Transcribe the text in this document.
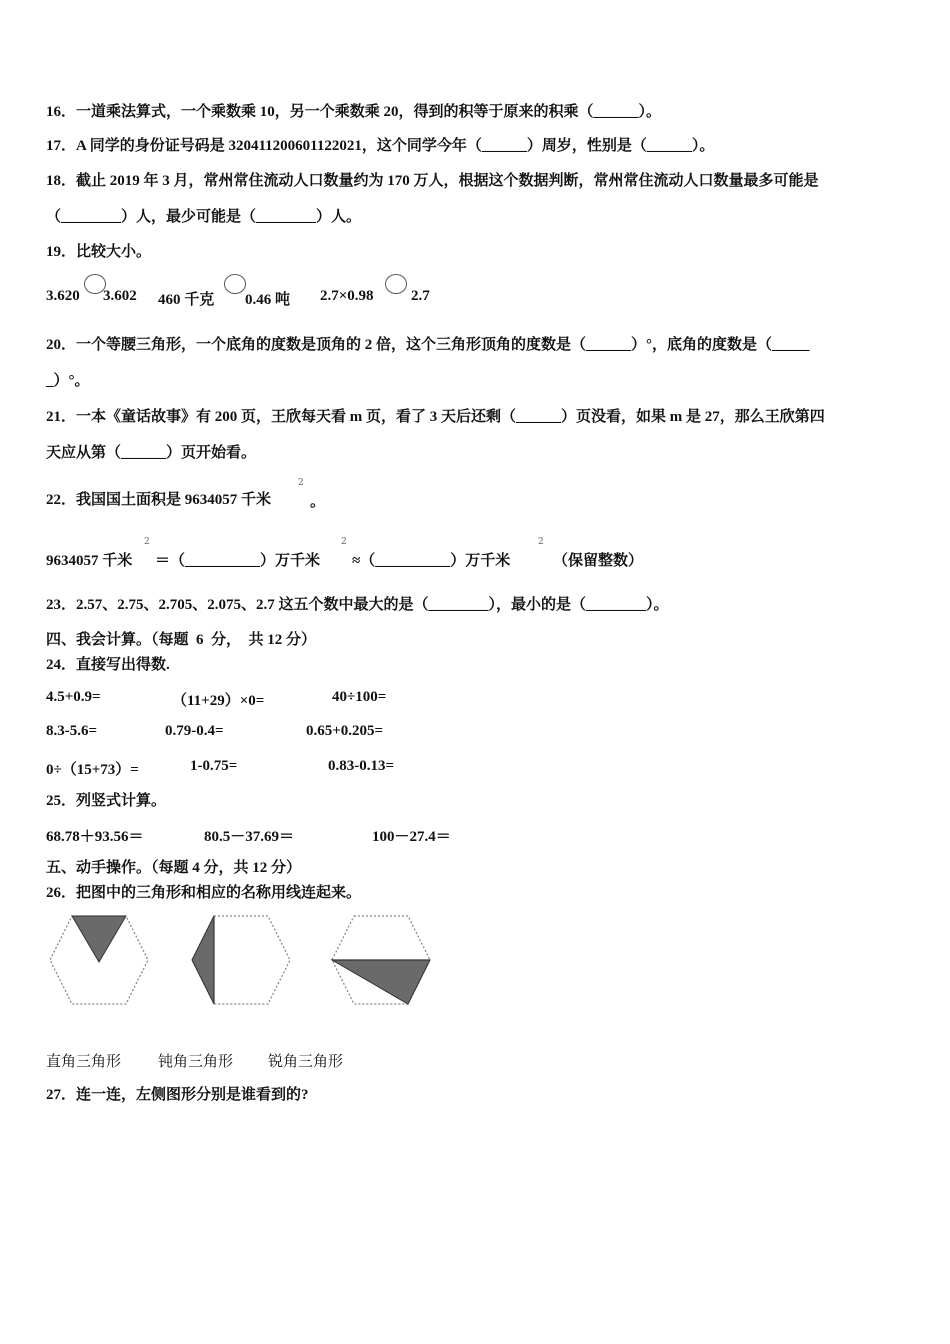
16．一道乘法算式，一个乘数乘 10，另一个乘数乘 20，得到的积等于原来的积乘（______）。
17．A 同学的身份证号码是 320411200601122021，这个同学今年（______）周岁，性别是（______）。
18．截止 2019 年 3 月，常州常住流动人口数量约为 170 万人，根据这个数据判断，常州常住流动人口数量最多可能是
（________）人，最少可能是（________）人。
19．比较大小。
3.620 3.602 460 千克 0.46 吨 2.7×0.98 2.7
20．一个等腰三角形，一个底角的度数是顶角的 2 倍，这个三角形顶角的度数是（______）°，底角的度数是（_____
_）°。
21．一本《童话故事》有 200 页，王欣每天看 m 页，看了 3 天后还剩（______）页没看，如果 m 是 27，那么王欣第四
天应从第（______）页开始看。
22．我国国土面积是 9634057 千米
2
。
9634057 千米
2
＝（__________）万千米
2
≈（__________）万千米
2
（保留整数）
23．2.57、2.75、2.705、2.075、2.7 这五个数中最大的是（________），最小的是（________）。
四、我会计算。（每题  6  分，  共 12 分）
24．直接写出得数.
4.5+0.9=	（11+29）×0=	40÷100=
8.3-5.6=	0.79-0.4=	0.65+0.205=
0÷（15+73）=	1-0.75=	0.83-0.13=
25．列竖式计算。
68.78＋93.56＝	80.5－37.69＝	100－27.4＝
五、动手操作。（每题 4 分，共 12 分）
26．把图中的三角形和相应的名称用线连起来。
直角三角形 钝角三角形 锐角三角形
27．连一连，左侧图形分别是谁看到的?
